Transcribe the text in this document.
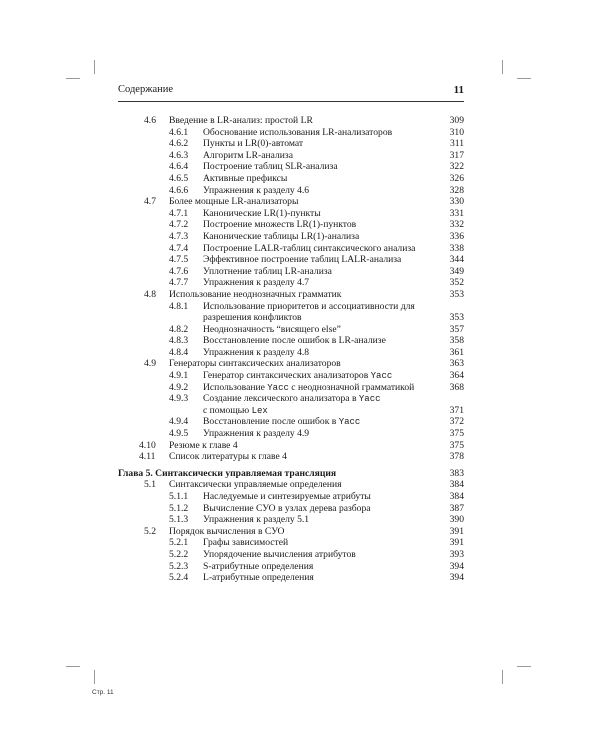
Содержание	11
4.6 Введение в LR-анализ: простой LR	309
4.6.1 Обоснование использования LR-анализаторов	310
4.6.2 Пункты и LR(0)-автомат	311
4.6.3 Алгоритм LR-анализа	317
4.6.4 Построение таблиц SLR-анализа	322
4.6.5 Активные префиксы	326
4.6.6 Упражнения к разделу 4.6	328
4.7 Более мощные LR-анализаторы	330
4.7.1 Канонические LR(1)-пункты	331
4.7.2 Построение множеств LR(1)-пунктов	332
4.7.3 Канонические таблицы LR(1)-анализа	336
4.7.4 Построение LALR-таблиц синтаксического анализа	338
4.7.5 Эффективное построение таблиц LALR-анализа	344
4.7.6 Уплотнение таблиц LR-анализа	349
4.7.7 Упражнения к разделу 4.7	352
4.8 Использование неоднозначных грамматик	353
4.8.1 Использование приоритетов и ассоциативности для
разрешения конфликтов	353
4.8.2 Неоднозначность “висящего else”	357
4.8.3 Восстановление после ошибок в LR-анализе	358
4.8.4 Упражнения к разделу 4.8	361
4.9 Генераторы синтаксических анализаторов	363
4.9.1 Генератор синтаксических анализаторов Yacc	364
4.9.2 Использование Yacc с неоднозначной грамматикой	368
4.9.3 Создание лексического анализатора в Yacc
с помощью Lex	371
4.9.4 Восстановление после ошибок в Yacc	372
4.9.5 Упражнения к разделу 4.9	375
4.10 Резюме к главе 4	375
4.11 Список литературы к главе 4	378
Глава 5. Синтаксически управляемая трансляция	383
5.1 Синтаксически управляемые определения	384
5.1.1 Наследуемые и синтезируемые атрибуты	384
5.1.2 Вычисление СУО в узлах дерева разбора	387
5.1.3 Упражнения к разделу 5.1	390
5.2 Порядок вычисления в СУО	391
5.2.1 Графы зависимостей	391
5.2.2 Упорядочение вычисления атрибутов	393
5.2.3 S-атрибутные определения	394
5.2.4 L-атрибутные определения	394
Стр. 11
